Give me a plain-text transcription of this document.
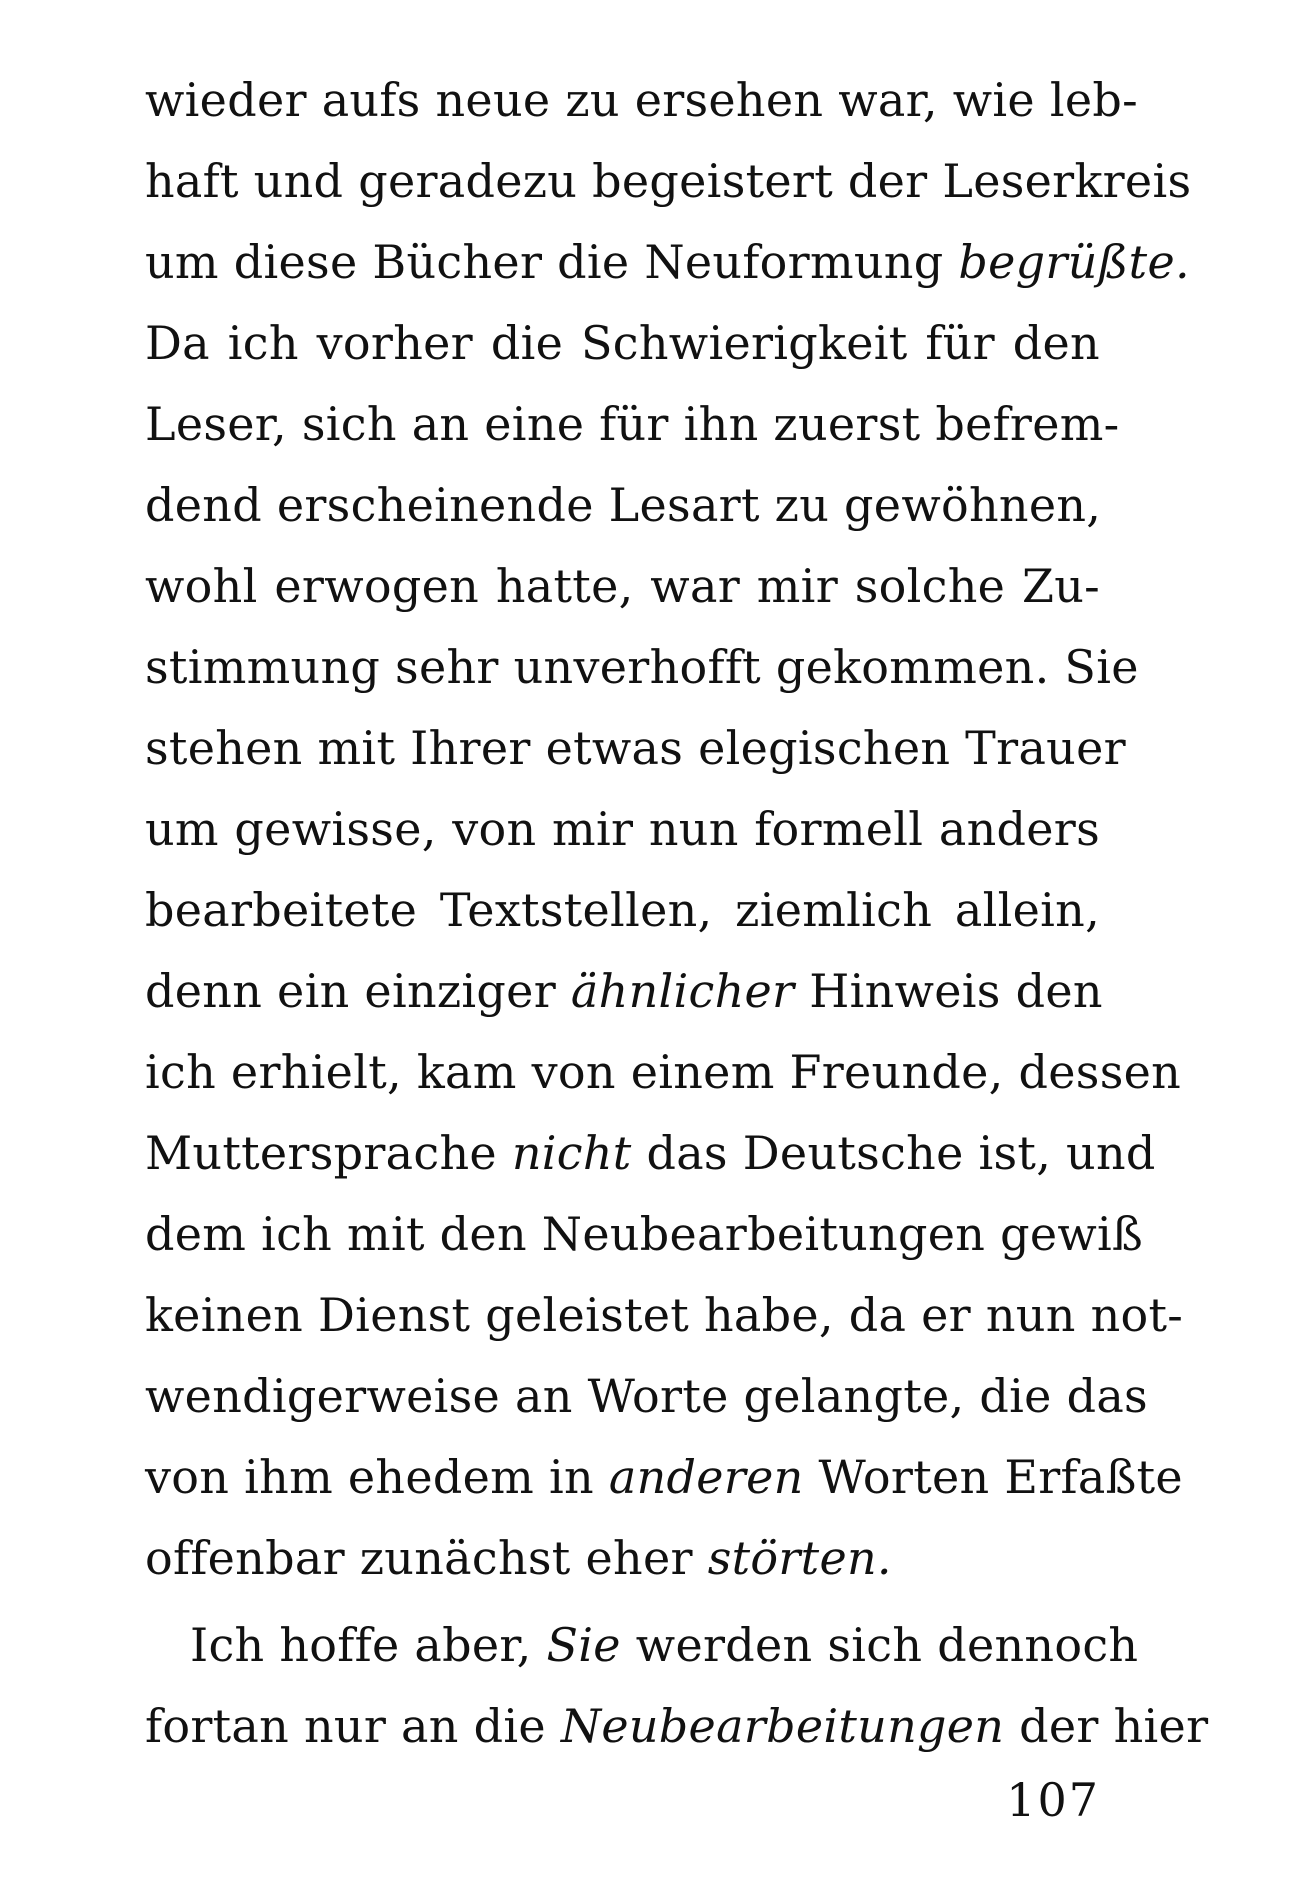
wieder aufs neue zu ersehen war, wie leb-
haft und geradezu begeistert der Leserkreis
um diese Bücher die Neuformung begrüßte.
Da ich vorher die Schwierigkeit für den
Leser, sich an eine für ihn zuerst befrem-
dend erscheinende Lesart zu gewöhnen,
wohl erwogen hatte, war mir solche Zu-
stimmung sehr unverhofft gekommen. Sie
stehen mit Ihrer etwas elegischen Trauer
um gewisse, von mir nun formell anders
bearbeitete Textstellen, ziemlich allein,
denn ein einziger ähnlicher Hinweis den
ich erhielt, kam von einem Freunde, dessen
Muttersprache nicht das Deutsche ist, und
dem ich mit den Neubearbeitungen gewiß
keinen Dienst geleistet habe, da er nun not-
wendigerweise an Worte gelangte, die das
von ihm ehedem in anderen Worten Erfaßte
offenbar zunächst eher störten.
Ich hoffe aber, Sie werden sich dennoch
fortan nur an die Neubearbeitungen der hier
107
